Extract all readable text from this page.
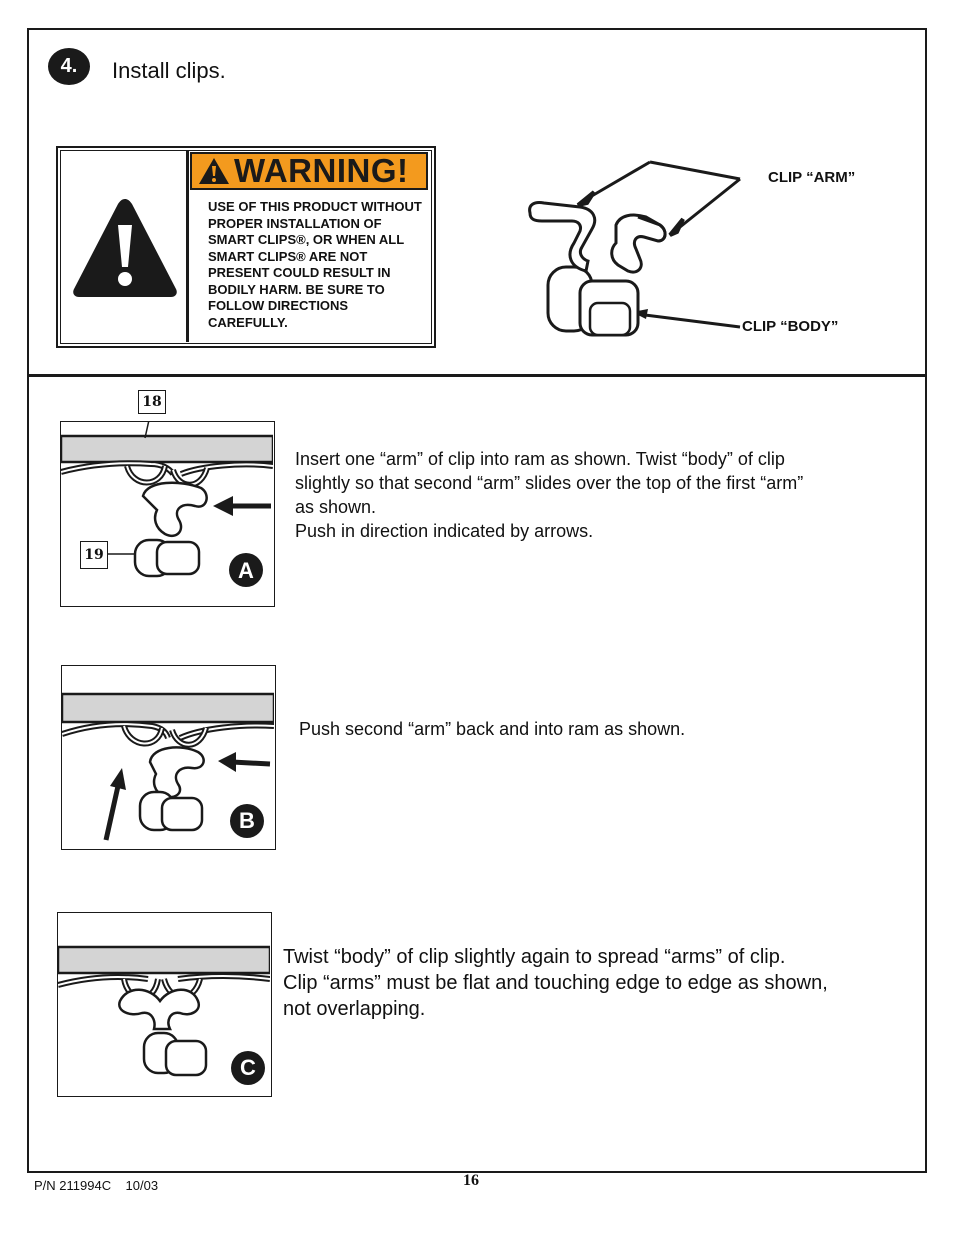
4.	Install clips.
WARNING!
USE OF THIS PRODUCT WITHOUT PROPER INSTALLATION OF SMART CLIPS®, OR WHEN ALL SMART CLIPS® ARE NOT PRESENT COULD RESULT IN BODILY HARM. BE SURE TO FOLLOW DIRECTIONS CAREFULLY.
CLIP “ARM”
CLIP “BODY”
18
19
A

Insert one “arm” of clip into ram as shown. Twist “body” of clip

slightly so that second “arm” slides over the top of the first “arm”

as shown.

Push in direction indicated by arrows.

B

Push second “arm” back and into ram as shown.

C

Twist “body” of clip slightly again to spread “arms” of clip.

Clip “arms” must be flat and touching edge to edge as shown,

not overlapping.

P/N 211994C 10/03	16
